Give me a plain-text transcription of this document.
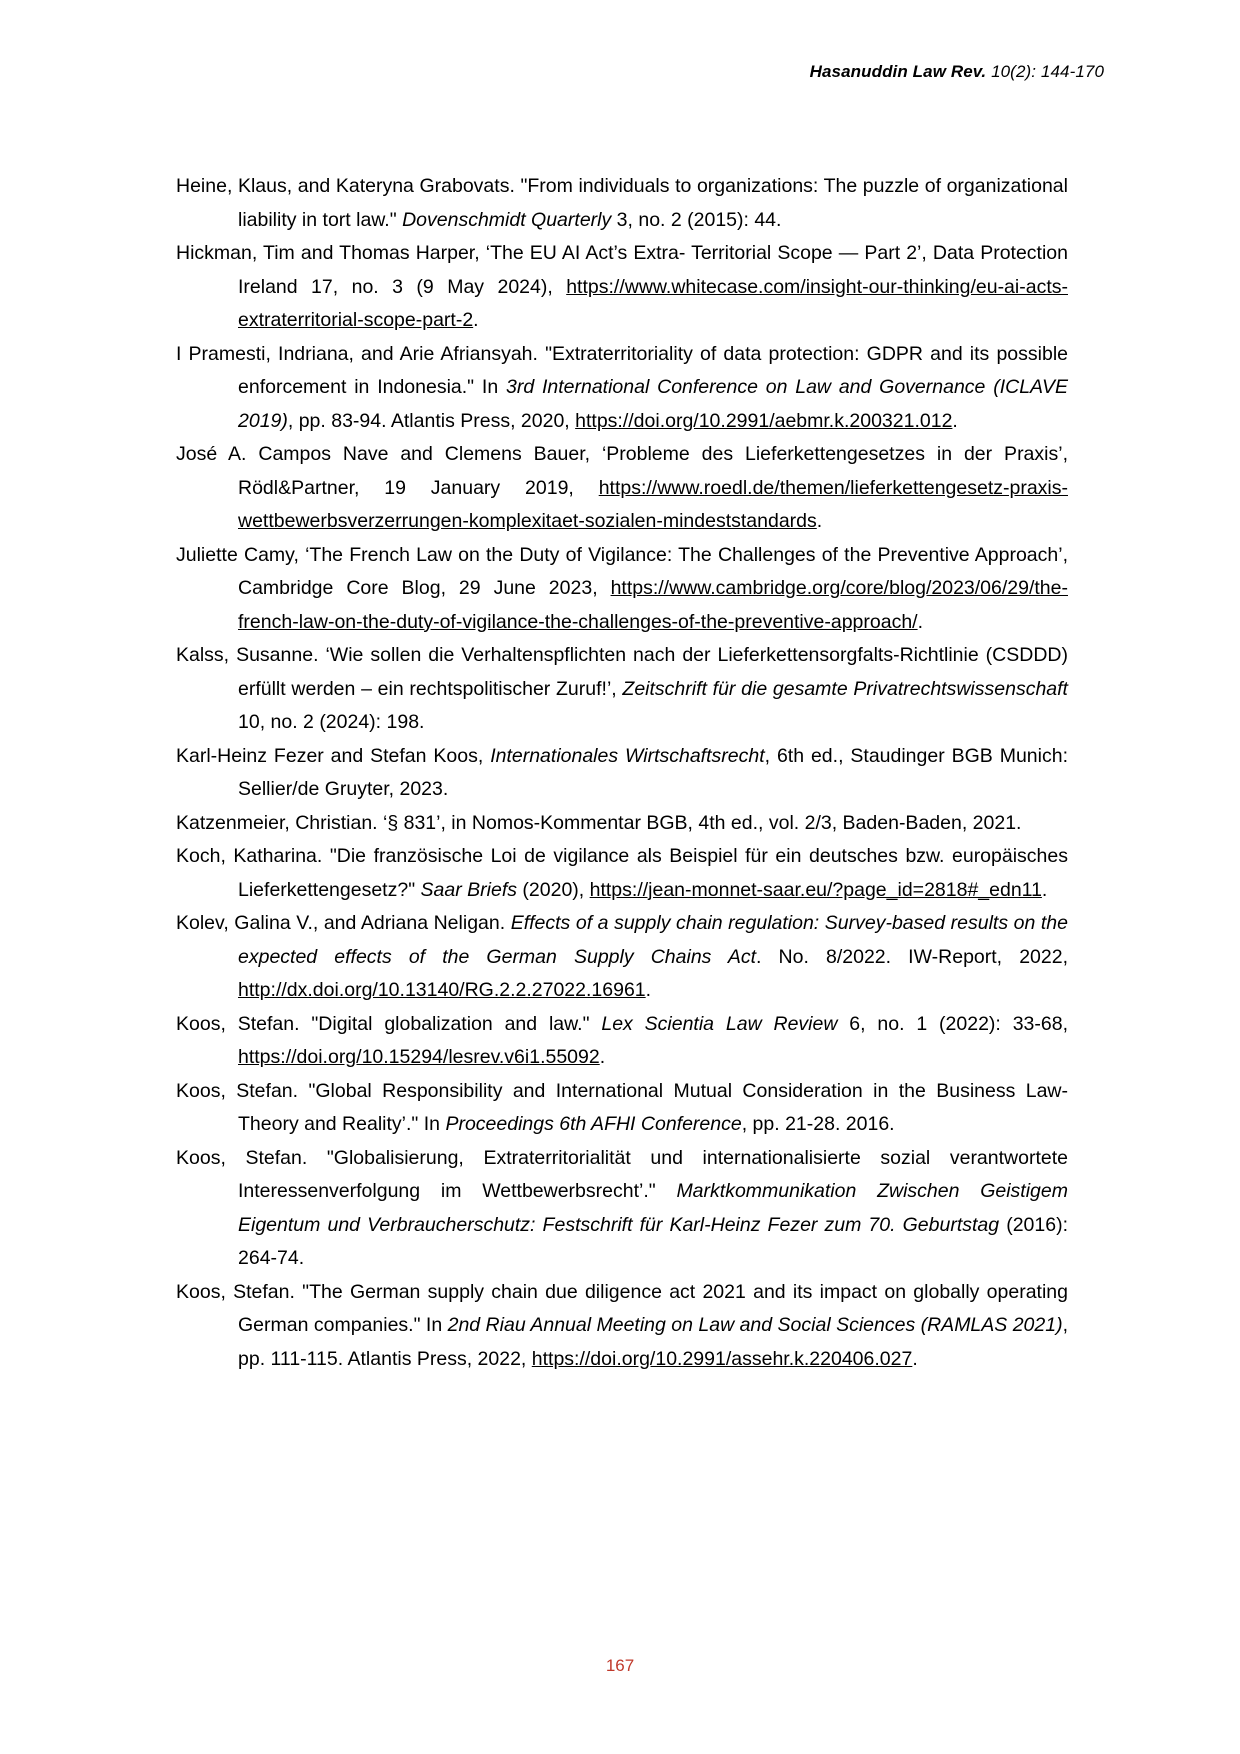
Hasanuddin Law Rev. 10(2): 144-170

Heine, Klaus, and Kateryna Grabovats. "From individuals to organizations: The puzzle of organizational liability in tort law." Dovenschmidt Quarterly 3, no. 2 (2015): 44.

Hickman, Tim and Thomas Harper, ‘The EU AI Act’s Extra- Territorial Scope — Part 2’, Data Protection Ireland 17, no. 3 (9 May 2024), https://www.whitecase.com/insight-our-thinking/eu-ai-acts-extraterritorial-scope-part-2.

I Pramesti, Indriana, and Arie Afriansyah. "Extraterritoriality of data protection: GDPR and its possible enforcement in Indonesia." In 3rd International Conference on Law and Governance (ICLAVE 2019), pp. 83-94. Atlantis Press, 2020, https://doi.org/10.2991/aebmr.k.200321.012.

José A. Campos Nave and Clemens Bauer, ‘Probleme des Lieferkettengesetzes in der Praxis’, Rödl&Partner, 19 January 2019, https://www.roedl.de/themen/lieferkettengesetz-praxis-wettbewerbsverzerrungen-komplexitaet-sozialen-mindeststandards.

Juliette Camy, ‘The French Law on the Duty of Vigilance: The Challenges of the Preventive Approach’, Cambridge Core Blog, 29 June 2023, https://www.cambridge.org/core/blog/2023/06/29/the-french-law-on-the-duty-of-vigilance-the-challenges-of-the-preventive-approach/.

Kalss, Susanne. ‘Wie sollen die Verhaltenspflichten nach der Lieferkettensorgfalts-Richtlinie (CSDDD) erfüllt werden – ein rechtspolitischer Zuruf!’, Zeitschrift für die gesamte Privatrechtswissenschaft 10, no. 2 (2024): 198.

Karl-Heinz Fezer and Stefan Koos, Internationales Wirtschaftsrecht, 6th ed., Staudinger BGB Munich: Sellier/de Gruyter, 2023.

Katzenmeier, Christian. ‘§ 831’, in Nomos-Kommentar BGB, 4th ed., vol. 2/3, Baden-Baden, 2021.

Koch, Katharina. "Die französische Loi de vigilance als Beispiel für ein deutsches bzw. europäisches Lieferkettengesetz?" Saar Briefs (2020), https://jean-monnet-saar.eu/?page_id=2818#_edn11.

Kolev, Galina V., and Adriana Neligan. Effects of a supply chain regulation: Survey-based results on the expected effects of the German Supply Chains Act. No. 8/2022. IW-Report, 2022, http://dx.doi.org/10.13140/RG.2.2.27022.16961.

Koos, Stefan. "Digital globalization and law." Lex Scientia Law Review 6, no. 1 (2022): 33-68, https://doi.org/10.15294/lesrev.v6i1.55092.

Koos, Stefan. "Global Responsibility and International Mutual Consideration in the Business Law-Theory and Reality’." In Proceedings 6th AFHI Conference, pp. 21-28. 2016.

Koos, Stefan. "Globalisierung, Extraterritorialität und internationalisierte sozial verantwortete Interessenverfolgung im Wettbewerbsrecht’." Marktkommunikation Zwischen Geistigem Eigentum und Verbraucherschutz: Festschrift für Karl-Heinz Fezer zum 70. Geburtstag (2016): 264-74.

Koos, Stefan. "The German supply chain due diligence act 2021 and its impact on globally operating German companies." In 2nd Riau Annual Meeting on Law and Social Sciences (RAMLAS 2021), pp. 111-115. Atlantis Press, 2022, https://doi.org/10.2991/assehr.k.220406.027.

167
